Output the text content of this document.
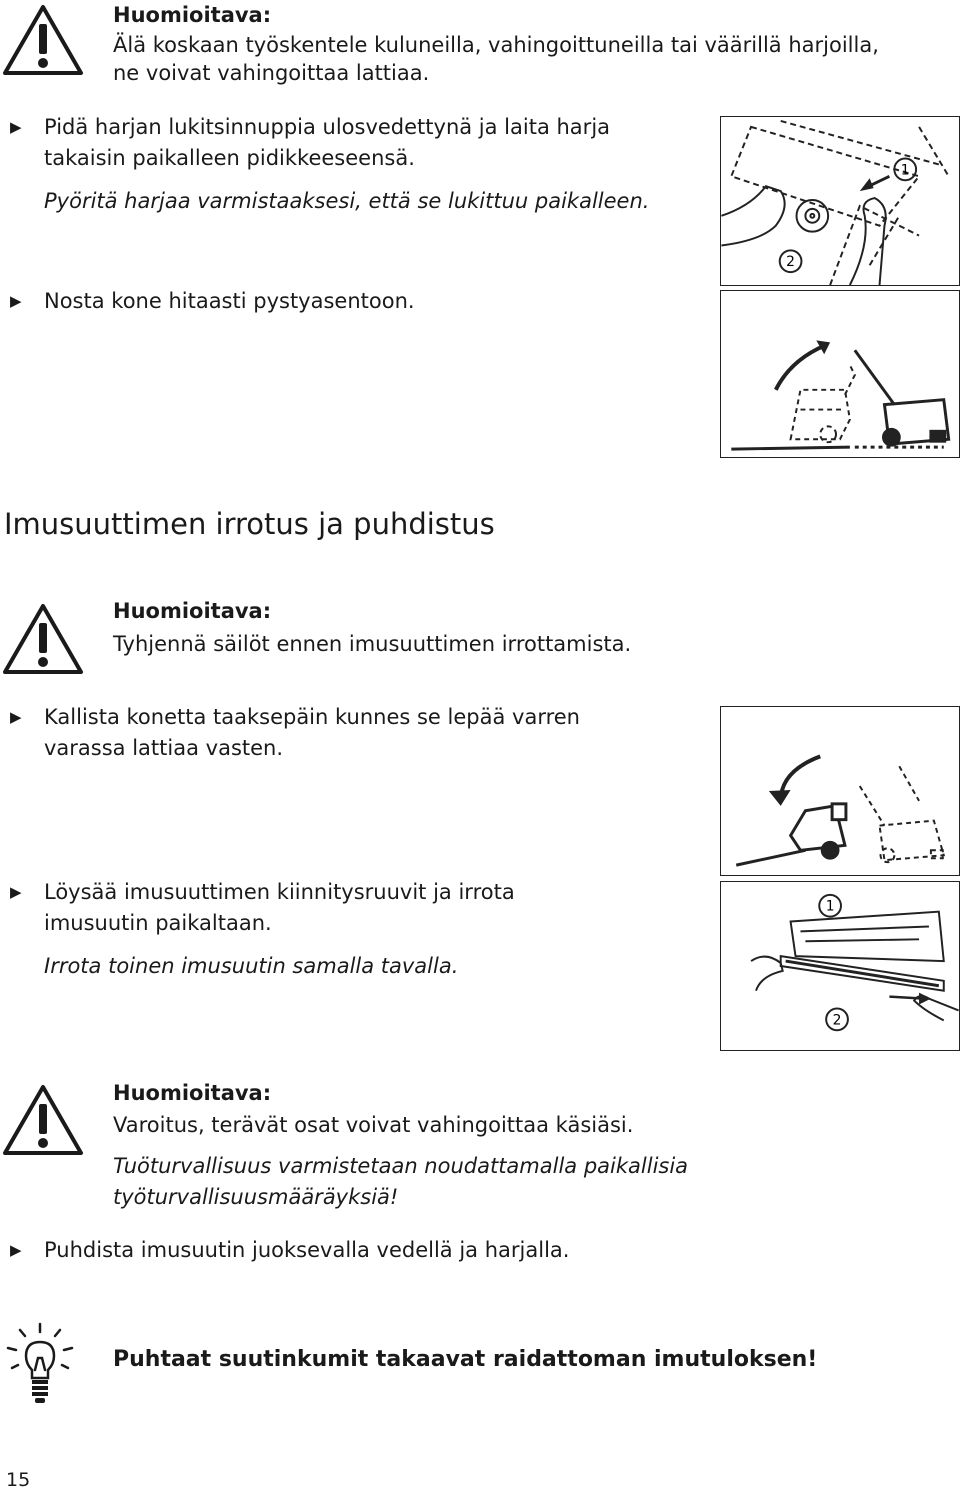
Huomioitava:
Älä koskaan työskentele kuluneilla, vahingoittuneilla tai väärillä harjoilla,
ne voivat vahingoittaa lattiaa.
▶	Pidä harjan lukitsinnuppia ulosvedettynä ja laita harja
takaisin paikalleen pidikkeeseensä.
Pyöritä harjaa varmistaaksesi, että se lukittuu paikalleen.
▶	Nosta kone hitaasti pystyasentoon.
1
2
Imusuuttimen irrotus ja puhdistus
Huomioitava:
Tyhjennä säilöt ennen imusuuttimen irrottamista.
▶	Kallista konetta taaksepäin kunnes se lepää varren
varassa lattiaa vasten.
▶	Löysää imusuuttimen kiinnitysruuvit ja irrota
imusuutin paikaltaan.
Irrota toinen imusuutin samalla tavalla.
1
2
Huomioitava:
Varoitus, terävät osat voivat vahingoittaa käsiäsi.
Tuöturvallisuus varmistetaan noudattamalla paikallisia
työturvallisuusmääräyksiä!
▶	Puhdista imusuutin juoksevalla vedellä ja harjalla.
Puhtaat suutinkumit takaavat raidattoman imutuloksen!
15
